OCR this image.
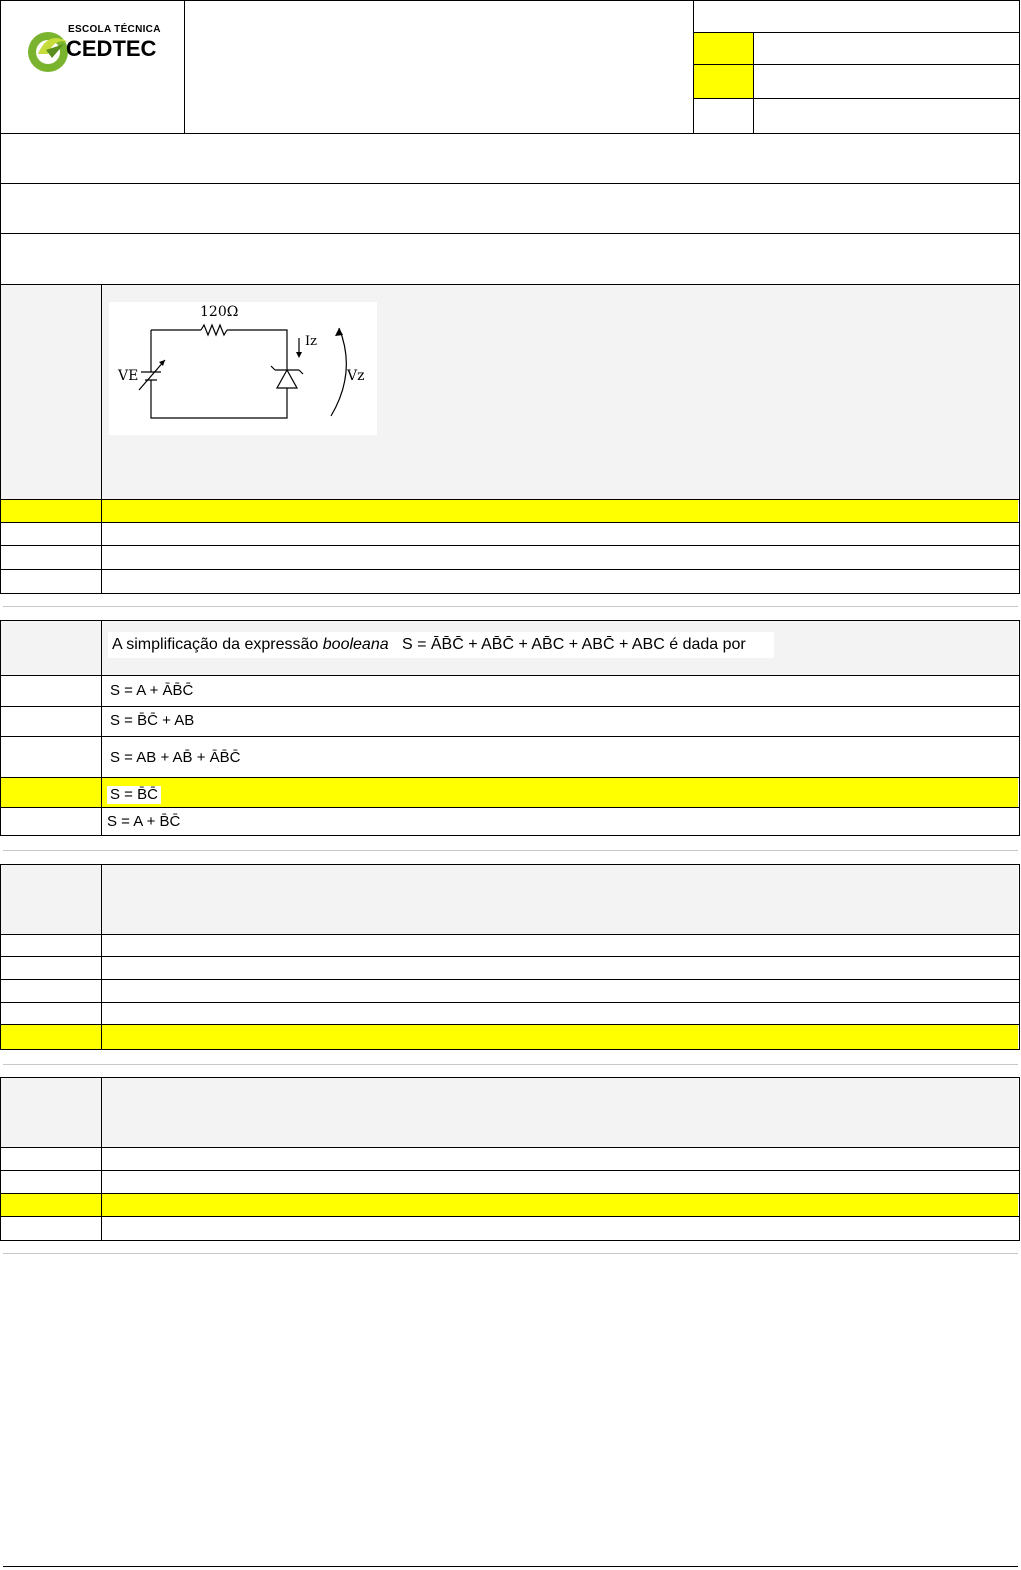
ESCOLA TÉCNICA
CEDTEC
120Ω
VE
Iz
Vz
A simplificação da expressão booleana S = ĀB̄C̄ + AB̄C̄ + AB̄C + ABC̄ + ABC é dada por
S = A + ĀB̄C̄
S = B̄C̄ + AB
S = AB + AB̄ + ĀB̄C̄
S = B̄C̄
S = A + B̄C̄
